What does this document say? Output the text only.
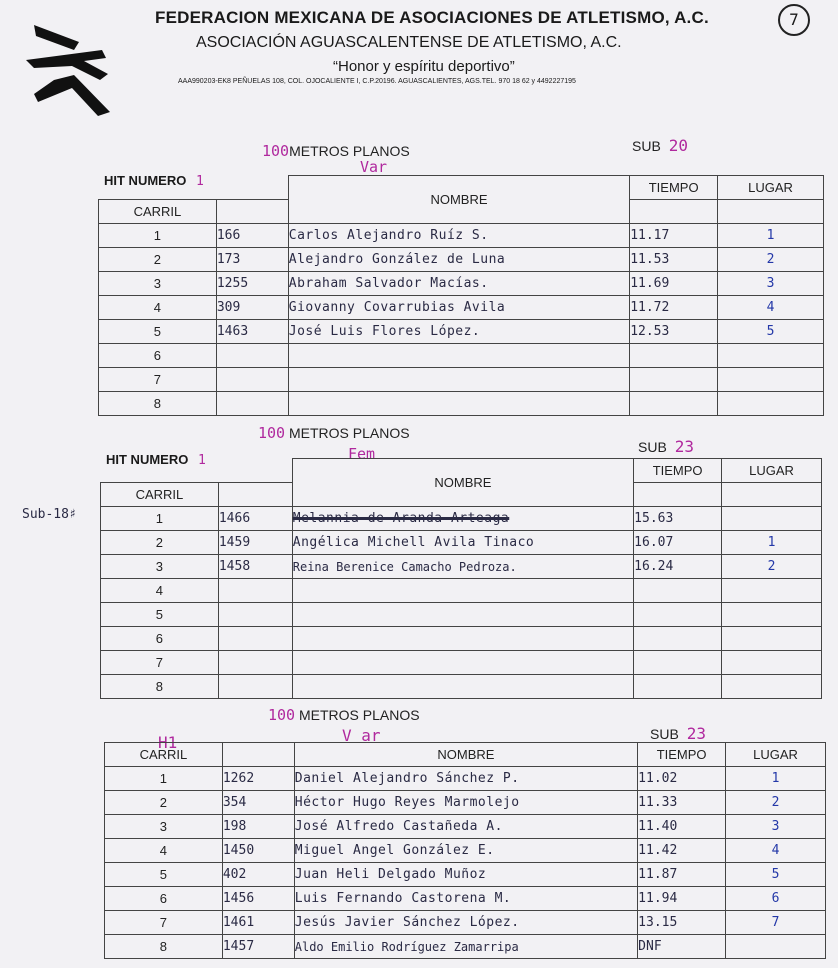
FEDERACION MEXICANA DE ASOCIACIONES DE ATLETISMO, A.C.
ASOCIACIÓN AGUASCALENTENSE DE ATLETISMO, A.C.
“Honor y espíritu deportivo”
AAA990203-EK8 PEÑUELAS 108, COL. OJOCALIENTE I, C.P.20196. AGUASCALIENTES, AGS.TEL. 970 18 62 y 4492227195
7
100METROS PLANOS	SUB 20
Var
HIT NUMERO 1
		NOMBRE	TIEMPO	LUGAR
CARRIL				
1	166	Carlos Alejandro Ruíz S.	11.17	1
2	173	Alejandro González de Luna	11.53	2
3	1255	Abraham Salvador Macías.	11.69	3
4	309	Giovanny Covarrubias Avila	11.72	4
5	1463	José Luis Flores López.	12.53	5
6				
7				
8				
100 METROS PLANOS
SUB 23
Fem
Sub-18♯
HIT NUMERO 1
		NOMBRE	TIEMPO	LUGAR
CARRIL				
1	1466	Melannia de Aranda Arteaga	15.63	
2	1459	Angélica Michell Avila Tinaco	16.07	1
3	1458	Reina Berenice Camacho Pedroza.	16.24	2
4				
5				
6				
7				
8				
100 METROS PLANOS
SUB 23
V ar
H1
CARRIL		NOMBRE	TIEMPO	LUGAR
1	1262	Daniel Alejandro Sánchez P.	11.02	1
2	354	Héctor Hugo Reyes Marmolejo	11.33	2
3	198	José Alfredo Castañeda A.	11.40	3
4	1450	Miguel Angel González E.	11.42	4
5	402	Juan Heli Delgado Muñoz	11.87	5
6	1456	Luis Fernando Castorena M.	11.94	6
7	1461	Jesús Javier Sánchez López.	13.15	7
8	1457	Aldo Emilio Rodríguez Zamarripa	DNF	
